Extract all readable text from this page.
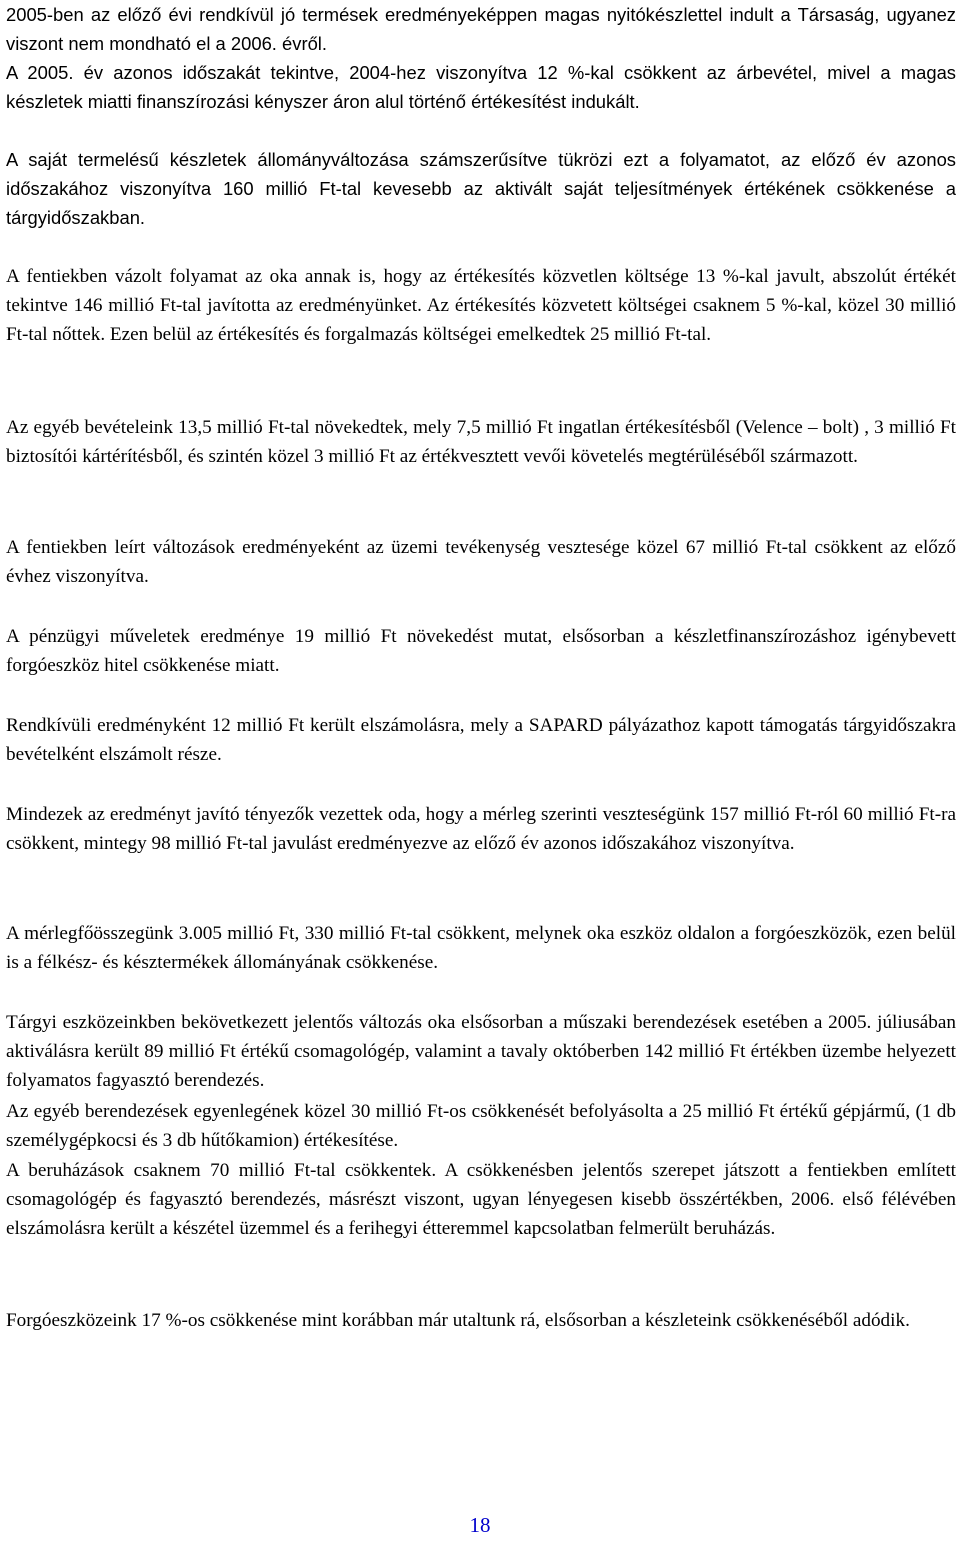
2005-ben az előző évi rendkívül jó termések eredményeképpen magas nyitókészlettel indult a Társaság, ugyanez viszont nem mondható el a 2006. évről.

A 2005. év azonos időszakát tekintve, 2004-hez viszonyítva 12 %-kal csökkent az árbevétel, mivel a magas készletek miatti finanszírozási kényszer áron alul történő értékesítést indukált.

A saját termelésű készletek állományváltozása számszerűsítve tükrözi ezt a folyamatot, az előző év azonos időszakához viszonyítva 160 millió Ft-tal kevesebb az aktivált saját teljesítmények értékének csökkenése a tárgyidőszakban.

A fentiekben vázolt folyamat az oka annak is, hogy az értékesítés közvetlen költsége 13 %-kal javult, abszolút értékét tekintve 146 millió Ft-tal javította az eredményünket. Az értékesítés közvetett költségei csaknem 5 %-kal, közel 30 millió Ft-tal nőttek. Ezen belül az értékesítés és forgalmazás költségei emelkedtek 25 millió Ft-tal.

Az egyéb bevételeink 13,5 millió Ft-tal növekedtek, mely 7,5 millió Ft ingatlan értékesítésből (Velence – bolt) , 3 millió Ft biztosítói kártérítésből, és szintén közel 3 millió Ft az értékvesztett vevői követelés megtérüléséből származott.

A fentiekben leírt változások eredményeként az üzemi tevékenység vesztesége közel 67 millió Ft-tal csökkent az előző évhez viszonyítva.

A pénzügyi műveletek eredménye 19 millió Ft növekedést mutat, elsősorban a készletfinanszírozáshoz igénybevett forgóeszköz hitel csökkenése miatt.

Rendkívüli eredményként 12 millió Ft került elszámolásra, mely a SAPARD pályázathoz kapott támogatás tárgyidőszakra bevételként elszámolt része.

Mindezek az eredményt javító tényezők vezettek oda, hogy a mérleg szerinti veszteségünk 157 millió Ft-ról 60 millió Ft-ra csökkent, mintegy 98 millió Ft-tal javulást eredményezve az előző év azonos időszakához viszonyítva.

A mérlegfőösszegünk 3.005 millió Ft, 330 millió Ft-tal csökkent, melynek oka eszköz oldalon a forgóeszközök, ezen belül is a félkész- és késztermékek állományának csökkenése.

Tárgyi eszközeinkben bekövetkezett jelentős változás oka elsősorban a műszaki berendezések esetében a 2005. júliusában aktiválásra került 89 millió Ft értékű csomagológép, valamint a tavaly októberben 142 millió Ft értékben üzembe helyezett folyamatos fagyasztó berendezés.

Az egyéb berendezések egyenlegének közel 30 millió Ft-os csökkenését befolyásolta a 25 millió Ft értékű gépjármű, (1 db személygépkocsi és 3 db hűtőkamion) értékesítése.

A beruházások csaknem 70 millió Ft-tal csökkentek. A csökkenésben jelentős szerepet játszott a fentiekben említett csomagológép és fagyasztó berendezés, másrészt viszont, ugyan lényegesen kisebb összértékben, 2006. első félévében elszámolásra került a készétel üzemmel és a ferihegyi étteremmel kapcsolatban felmerült beruházás.

Forgóeszközeink 17 %-os csökkenése mint korábban már utaltunk rá, elsősorban a készleteink csökkenéséből adódik.

18
